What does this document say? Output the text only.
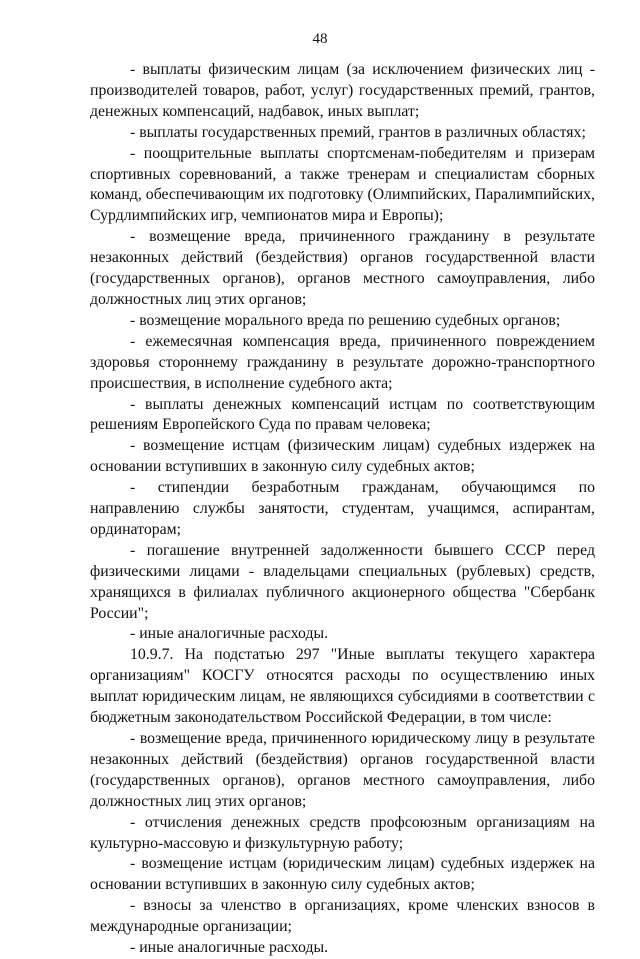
48

- выплаты физическим лицам (за исключением физических лиц - производителей товаров, работ, услуг) государственных премий, грантов, денежных компенсаций, надбавок, иных выплат;

- выплаты государственных премий, грантов в различных областях;

- поощрительные выплаты спортсменам-победителям и призерам спортивных соревнований, а также тренерам и специалистам сборных команд, обеспечивающим их подготовку (Олимпийских, Паралимпийских, Сурдлимпийских игр, чемпионатов мира и Европы);

- возмещение вреда, причиненного гражданину в результате незаконных действий (бездействия) органов государственной власти (государственных органов), органов местного самоуправления, либо должностных лиц этих органов;

- возмещение морального вреда по решению судебных органов;

- ежемесячная компенсация вреда, причиненного повреждением здоровья стороннему гражданину в результате дорожно-транспортного происшествия, в исполнение судебного акта;

- выплаты денежных компенсаций истцам по соответствующим решениям Европейского Суда по правам человека;

- возмещение истцам (физическим лицам) судебных издержек на основании вступивших в законную силу судебных актов;

- стипендии безработным гражданам, обучающимся по направлению службы занятости, студентам, учащимся, аспирантам, ординаторам;

- погашение внутренней задолженности бывшего СССР перед физическими лицами - владельцами специальных (рублевых) средств, хранящихся в филиалах публичного акционерного общества "Сбербанк России";

- иные аналогичные расходы.

10.9.7. На подстатью 297 "Иные выплаты текущего характера организациям" КОСГУ относятся расходы по осуществлению иных выплат юридическим лицам, не являющихся субсидиями в соответствии с бюджетным законодательством Российской Федерации, в том числе:

- возмещение вреда, причиненного юридическому лицу в результате незаконных действий (бездействия) органов государственной власти (государственных органов), органов местного самоуправления, либо должностных лиц этих органов;

- отчисления денежных средств профсоюзным организациям на культурно-массовую и физкультурную работу;

- возмещение истцам (юридическим лицам) судебных издержек на основании вступивших в законную силу судебных актов;

- взносы за членство в организациях, кроме членских взносов в международные организации;

- иные аналогичные расходы.
